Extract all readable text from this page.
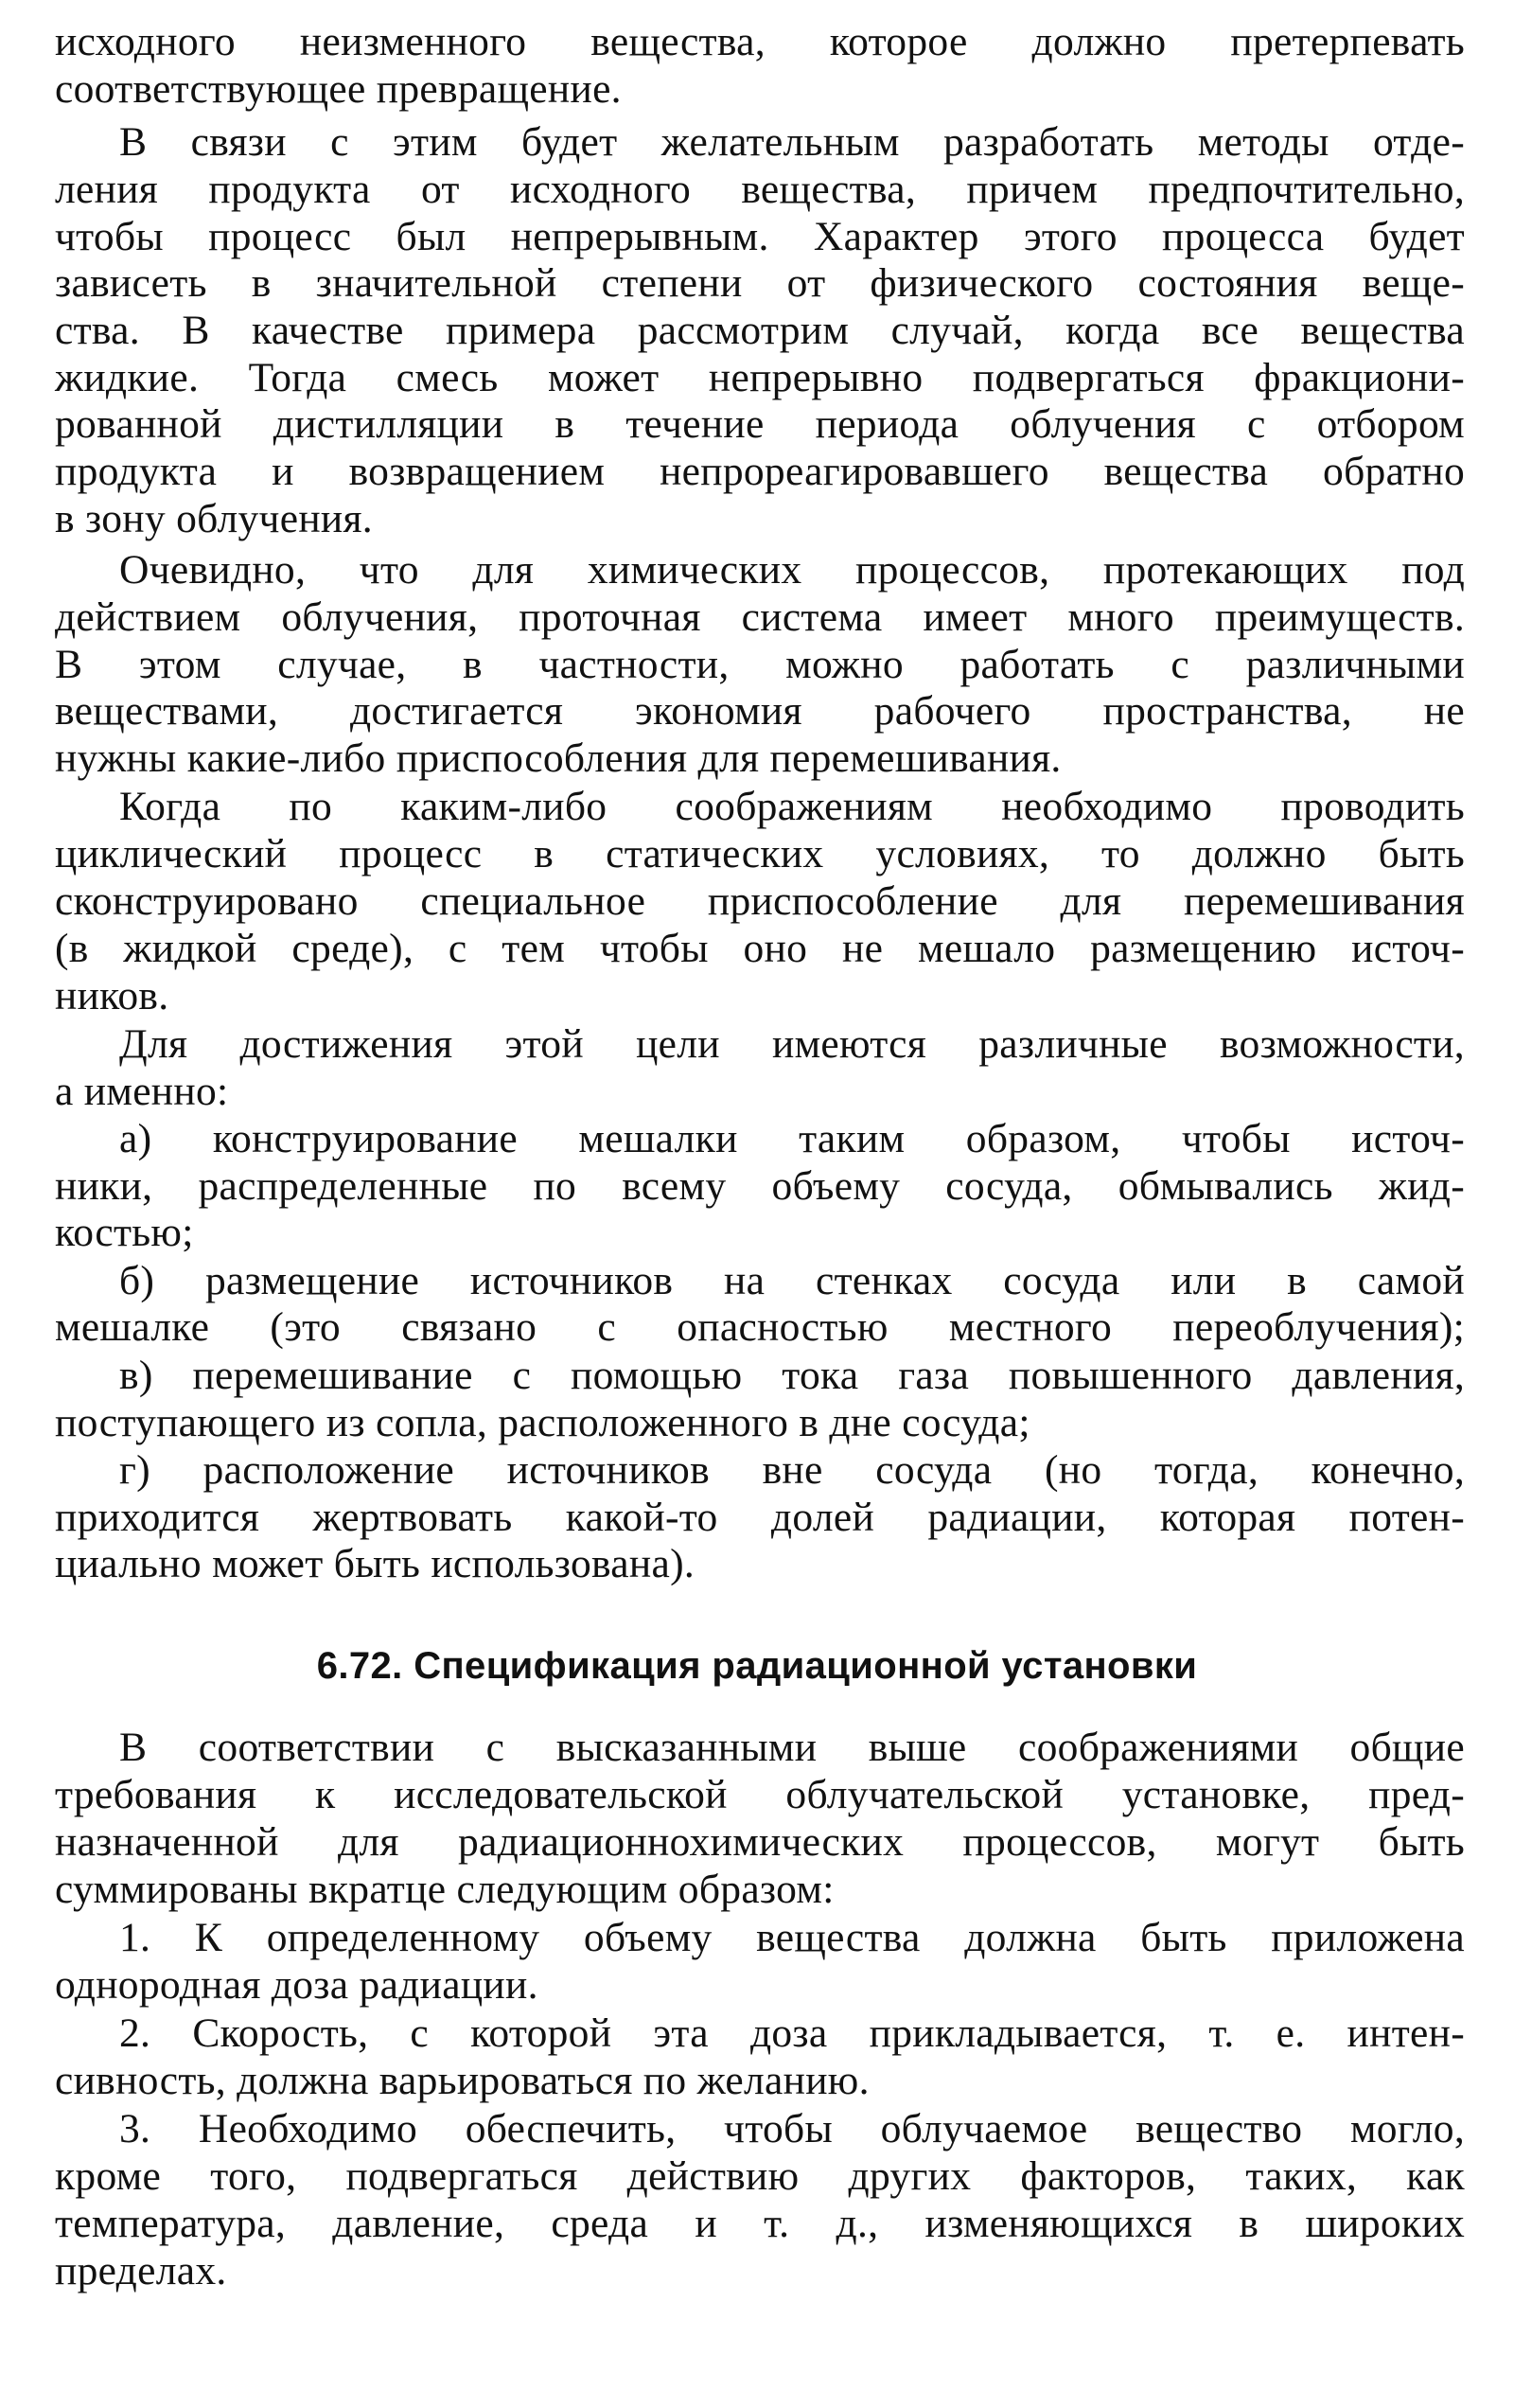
исходного неизменного вещества, которое должно претерпевать
соответствующее превращение.
В связи с этим будет желательным разработать методы отде-
ления продукта от исходного вещества, причем предпочтительно,
чтобы процесс был непрерывным. Характер этого процесса будет
зависеть в значительной степени от физического состояния веще-
ства. В качестве примера рассмотрим случай, когда все вещества
жидкие. Тогда смесь может непрерывно подвергаться фракциони-
рованной дистилляции в течение периода облучения с отбором
продукта и возвращением непрореагировавшего вещества обратно
в зону облучения.
Очевидно, что для химических процессов, протекающих под
действием облучения, проточная система имеет много преимуществ.
В этом случае, в частности, можно работать с различными
веществами, достигается экономия рабочего пространства, не
нужны какие-либо приспособления для перемешивания.
Когда по каким-либо соображениям необходимо проводить
циклический процесс в статических условиях, то должно быть
сконструировано специальное приспособление для перемешивания
(в жидкой среде), с тем чтобы оно не мешало размещению источ-
ников.
Для достижения этой цели имеются различные возможности,
а именно:
а) конструирование мешалки таким образом, чтобы источ-
ники, распределенные по всему объему сосуда, обмывались жид-
костью;
б) размещение источников на стенках сосуда или в самой
мешалке (это связано с опасностью местного переоблучения);
в) перемешивание с помощью тока газа повышенного давления,
поступающего из сопла, расположенного в дне сосуда;
г) расположение источников вне сосуда (но тогда, конечно,
приходится жертвовать какой-то долей радиации, которая потен-
циально может быть использована).
6.72. Спецификация радиационной установки
В соответствии с высказанными выше соображениями общие
требования к исследовательской облучательской установке, пред-
назначенной для радиационнохимических процессов, могут быть
суммированы вкратце следующим образом:
1. К определенному объему вещества должна быть приложена
однородная доза радиации.
2. Скорость, с которой эта доза прикладывается, т. е. интен-
сивность, должна варьироваться по желанию.
3. Необходимо обеспечить, чтобы облучаемое вещество могло,
кроме того, подвергаться действию других факторов, таких, как
температура, давление, среда и т. д., изменяющихся в широких
пределах.
